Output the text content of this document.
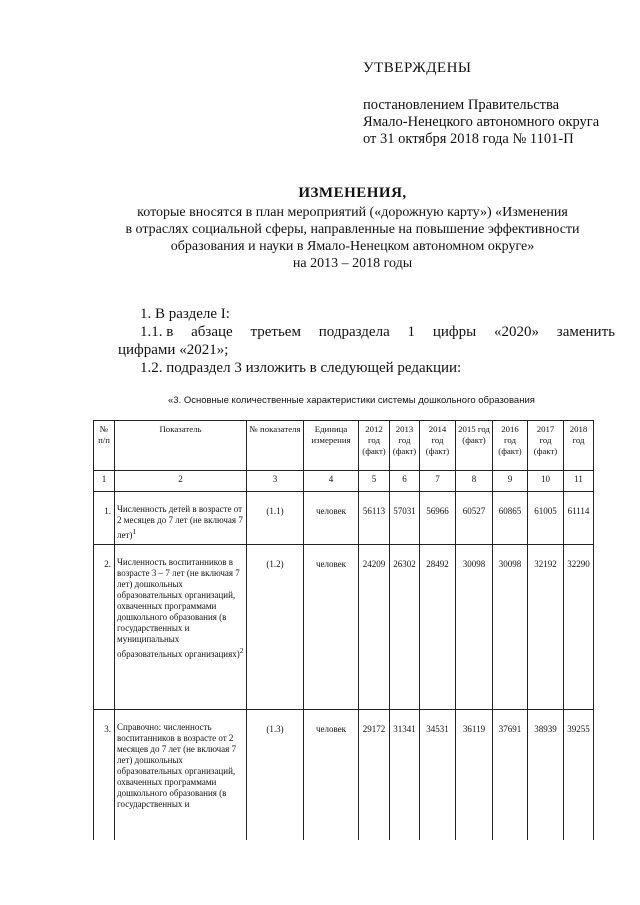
УТВЕРЖДЕНЫ
постановлением Правительства
Ямало-Ненецкого автономного округа
от 31 октября 2018 года № 1101-П
ИЗМЕНЕНИЯ,
которые вносятся в план мероприятий («дорожную карту») «Изменения
в отраслях социальной сферы, направленные на повышение эффективности
образования и науки в Ямало-Ненецком автономном округе»
на 2013 – 2018 годы
1. В разделе I:
1.1. в абзаце третьем подраздела 1 цифры «2020» заменить
цифрами «2021»;
1.2. подраздел 3 изложить в следующей редакции:
«3. Основные количественные характеристики системы дошкольного образования
№ п/п	Показатель	№ показателя	Единица измерения	2012 год (факт)	2013 год (факт)	2014 год (факт)	2015 год (факт)	2016 год (факт)	2017 год (факт)	2018 год
1	2	3	4	5	6	7	8	9	10	11
1.	Численность детей в возрасте от 2 месяцев до 7 лет (не включая 7 лет)$^1$	(1.1)	человек	56113	57031	56966	60527	60865	61005	61114
2.	Численность воспитанников в возрасте 3 – 7 лет (не включая 7 лет) дошкольных образовательных организаций, охваченных программами дошкольного образования (в государственных и муниципальных образовательных организациях)$^2$	(1.2)	человек	24209	26302	28492	30098	30098	32192	32290
3.	Справочно: численность воспитанников в возрасте от 2 месяцев до 7 лет (не включая 7 лет) дошкольных образовательных организаций, охваченных программами дошкольного образования (в государственных и	(1.3)	человек	29172	31341	34531	36119	37691	38939	39255
